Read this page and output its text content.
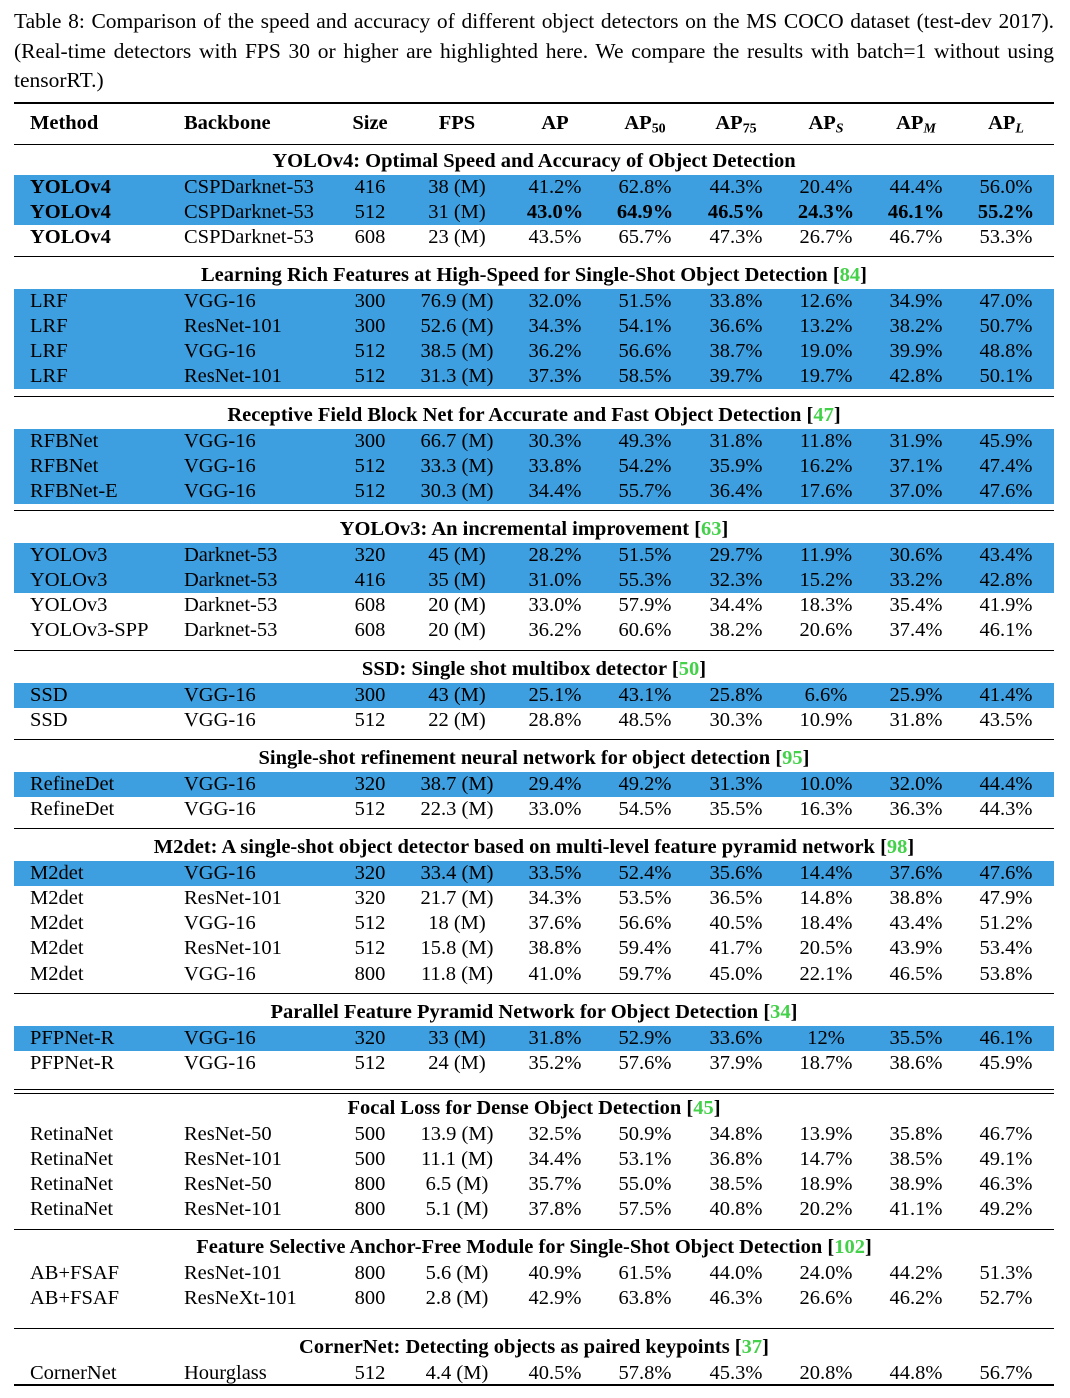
Table 8: Comparison of the speed and accuracy of different object detectors on the MS COCO dataset (test-dev 2017). (Real-time detectors with FPS 30 or higher are highlighted here. We compare the results with batch=1 without using tensorRT.)
Method	Backbone	Size	FPS	AP	$AP_{50}$	$AP_{75}$	$AP_S$	$AP_M$	$AP_L$
YOLOv4: Optimal Speed and Accuracy of Object Detection
YOLOv4	CSPDarknet-53	416	38 (M)	41.2%	62.8%	44.3%	20.4%	44.4%	56.0%
YOLOv4	CSPDarknet-53	512	31 (M)	43.0%	64.9%	46.5%	24.3%	46.1%	55.2%
YOLOv4	CSPDarknet-53	608	23 (M)	43.5%	65.7%	47.3%	26.7%	46.7%	53.3%
Learning Rich Features at High-Speed for Single-Shot Object Detection [84]
LRF	VGG-16	300	76.9 (M)	32.0%	51.5%	33.8%	12.6%	34.9%	47.0%
LRF	ResNet-101	300	52.6 (M)	34.3%	54.1%	36.6%	13.2%	38.2%	50.7%
LRF	VGG-16	512	38.5 (M)	36.2%	56.6%	38.7%	19.0%	39.9%	48.8%
LRF	ResNet-101	512	31.3 (M)	37.3%	58.5%	39.7%	19.7%	42.8%	50.1%
Receptive Field Block Net for Accurate and Fast Object Detection [47]
RFBNet	VGG-16	300	66.7 (M)	30.3%	49.3%	31.8%	11.8%	31.9%	45.9%
RFBNet	VGG-16	512	33.3 (M)	33.8%	54.2%	35.9%	16.2%	37.1%	47.4%
RFBNet-E	VGG-16	512	30.3 (M)	34.4%	55.7%	36.4%	17.6%	37.0%	47.6%
YOLOv3: An incremental improvement [63]
YOLOv3	Darknet-53	320	45 (M)	28.2%	51.5%	29.7%	11.9%	30.6%	43.4%
YOLOv3	Darknet-53	416	35 (M)	31.0%	55.3%	32.3%	15.2%	33.2%	42.8%
YOLOv3	Darknet-53	608	20 (M)	33.0%	57.9%	34.4%	18.3%	35.4%	41.9%
YOLOv3-SPP Darknet-53	608	20 (M)	36.2%	60.6%	38.2%	20.6%	37.4%	46.1%
SSD: Single shot multibox detector [50]
SSD	VGG-16	300	43 (M)	25.1%	43.1%	25.8%	6.6%	25.9%	41.4%
SSD	VGG-16	512	22 (M)	28.8%	48.5%	30.3%	10.9%	31.8%	43.5%
Single-shot refinement neural network for object detection [95]
RefineDet	VGG-16	320	38.7 (M)	29.4%	49.2%	31.3%	10.0%	32.0%	44.4%
RefineDet	VGG-16	512	22.3 (M)	33.0%	54.5%	35.5%	16.3%	36.3%	44.3%
M2det: A single-shot object detector based on multi-level feature pyramid network [98]
M2det	VGG-16	320	33.4 (M)	33.5%	52.4%	35.6%	14.4%	37.6%	47.6%
M2det	ResNet-101	320	21.7 (M)	34.3%	53.5%	36.5%	14.8%	38.8%	47.9%
M2det	VGG-16	512	18 (M)	37.6%	56.6%	40.5%	18.4%	43.4%	51.2%
M2det	ResNet-101	512	15.8 (M)	38.8%	59.4%	41.7%	20.5%	43.9%	53.4%
M2det	VGG-16	800	11.8 (M)	41.0%	59.7%	45.0%	22.1%	46.5%	53.8%
Parallel Feature Pyramid Network for Object Detection [34]
PFPNet-R	VGG-16	320	33 (M)	31.8%	52.9%	33.6%	12%	35.5%	46.1%
PFPNet-R	VGG-16	512	24 (M)	35.2%	57.6%	37.9%	18.7%	38.6%	45.9%
Focal Loss for Dense Object Detection [45]
RetinaNet	ResNet-50	500	13.9 (M)	32.5%	50.9%	34.8%	13.9%	35.8%	46.7%
RetinaNet	ResNet-101	500	11.1 (M)	34.4%	53.1%	36.8%	14.7%	38.5%	49.1%
RetinaNet	ResNet-50	800	6.5 (M)	35.7%	55.0%	38.5%	18.9%	38.9%	46.3%
RetinaNet	ResNet-101	800	5.1 (M)	37.8%	57.5%	40.8%	20.2%	41.1%	49.2%
Feature Selective Anchor-Free Module for Single-Shot Object Detection [102]
AB+FSAF	ResNet-101	800	5.6 (M)	40.9%	61.5%	44.0%	24.0%	44.2%	51.3%
AB+FSAF	ResNeXt-101	800	2.8 (M)	42.9%	63.8%	46.3%	26.6%	46.2%	52.7%
CornerNet: Detecting objects as paired keypoints [37]
CornerNet	Hourglass	512	4.4 (M)	40.5%	57.8%	45.3%	20.8%	44.8%	56.7%
